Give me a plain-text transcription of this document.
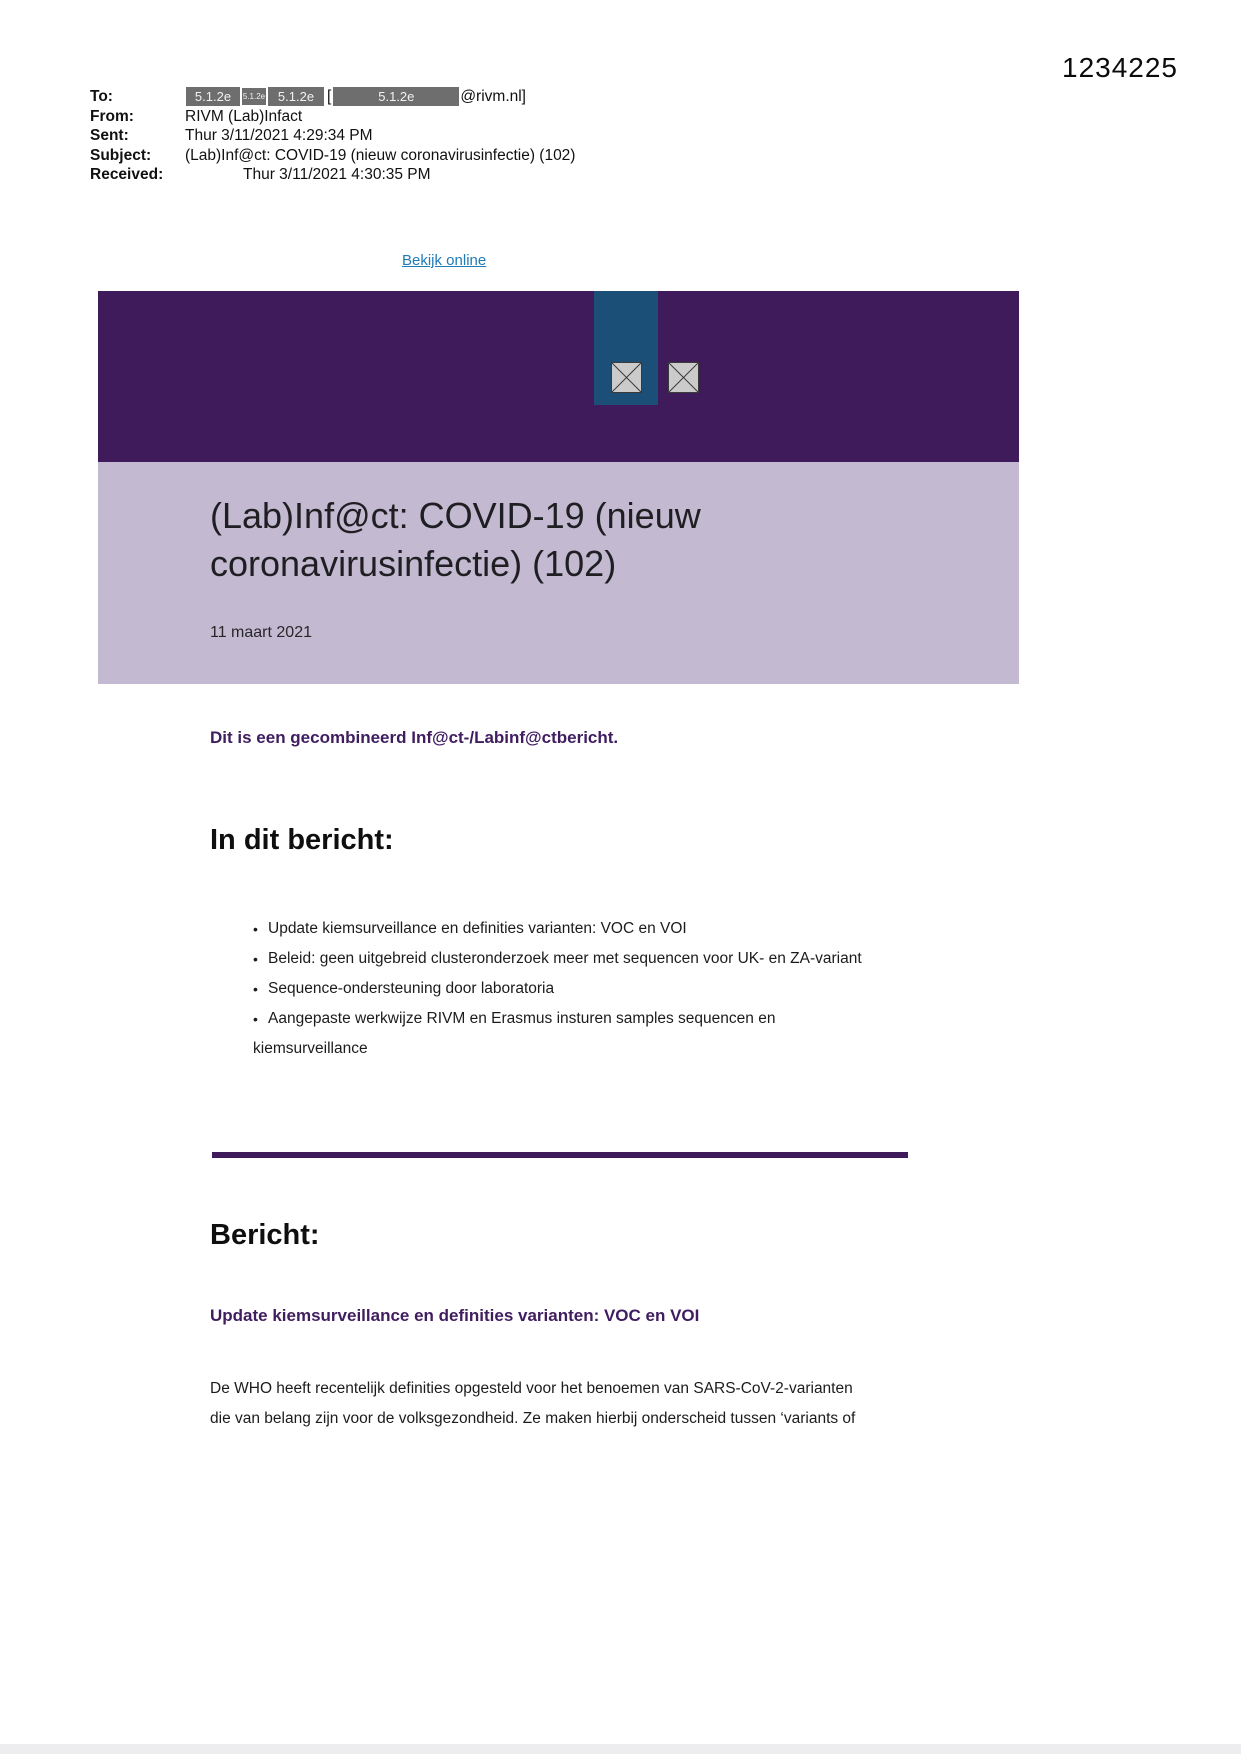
1234225
To:	5.1.2e	5.1.2e 5.1.2e [	5.1.2e	@rivm.nl]
From:	RIVM (Lab)Infact
Sent:	Thur 3/11/2021 4:29:34 PM
Subject:	(Lab)Inf@ct: COVID-19 (nieuw coronavirusinfectie) (102)
Received:	Thur 3/11/2021 4:30:35 PM
Bekijk online
(Lab)Inf@ct: COVID-19 (nieuw
coronavirusinfectie) (102)
11 maart 2021
Dit is een gecombineerd Inf@ct-/Labinf@ctbericht.
In dit bericht:
• Update kiemsurveillance en definities varianten: VOC en VOI
• Beleid: geen uitgebreid clusteronderzoek meer met sequencen voor UK- en ZA-variant
• Sequence-ondersteuning door laboratoria
• Aangepaste werkwijze RIVM en Erasmus insturen samples sequencen en
kiemsurveillance
Bericht:
Update kiemsurveillance en definities varianten: VOC en VOI
De WHO heeft recentelijk definities opgesteld voor het benoemen van SARS-CoV-2-varianten
die van belang zijn voor de volksgezondheid. Ze maken hierbij onderscheid tussen ‘variants of
